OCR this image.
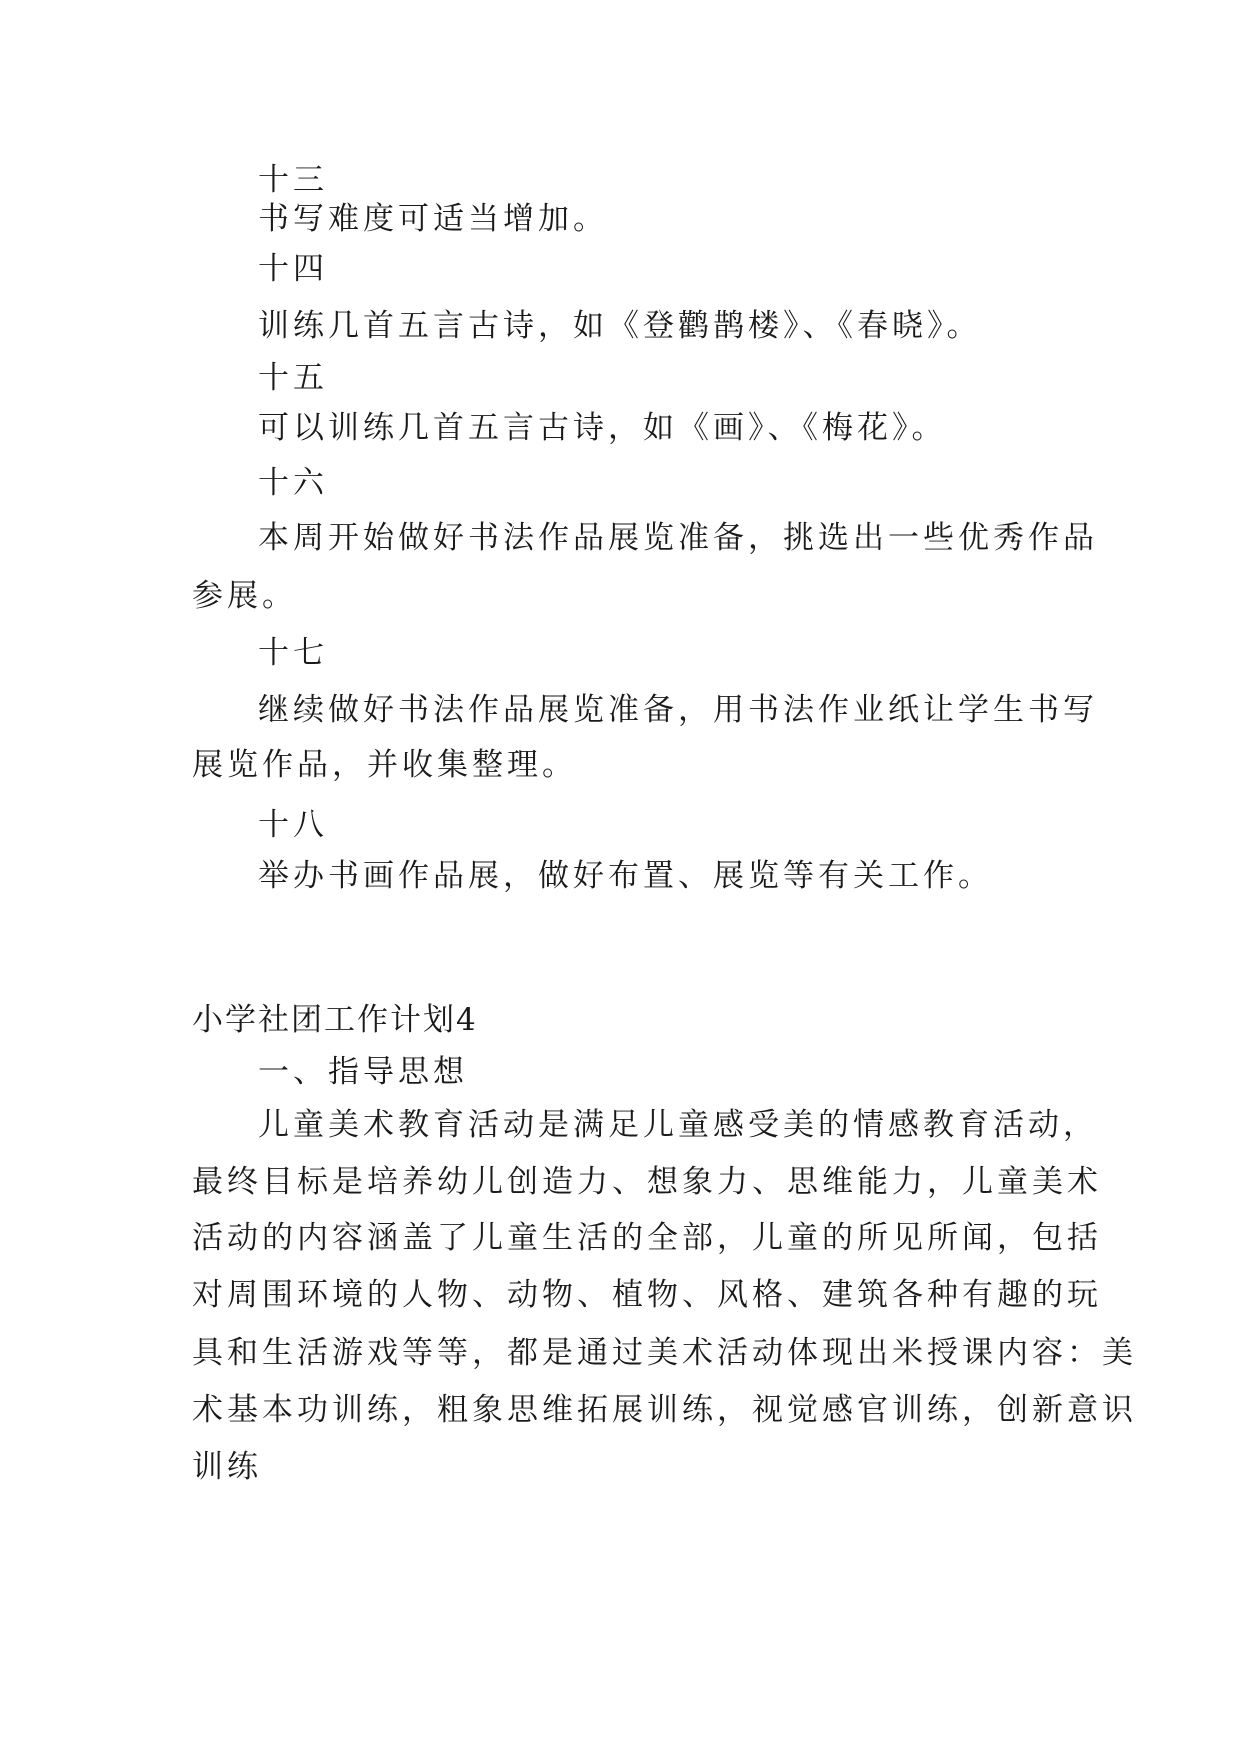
十三
书写难度可适当增加。
十四
训练几首五言古诗，如《登鹳鹊楼》、《春晓》。
十五
可以训练几首五言古诗，如《画》、《梅花》。
十六
本周开始做好书法作品展览准备，挑选出一些优秀作品
参展。
十七
继续做好书法作品展览准备，用书法作业纸让学生书写
展览作品，并收集整理。
十八
举办书画作品展，做好布置、展览等有关工作。
小学社团工作计划4
一、指导思想
儿童美术教育活动是满足儿童感受美的情感教育活动，
最终目标是培养幼儿创造力、想象力、思维能力，儿童美术
活动的内容涵盖了儿童生活的全部，儿童的所见所闻，包括
对周围环境的人物、动物、植物、风格、建筑各种有趣的玩
具和生活游戏等等，都是通过美术活动体现出米授课内容：美
术基本功训练，粗象思维拓展训练，视觉感官训练，创新意识
训练
